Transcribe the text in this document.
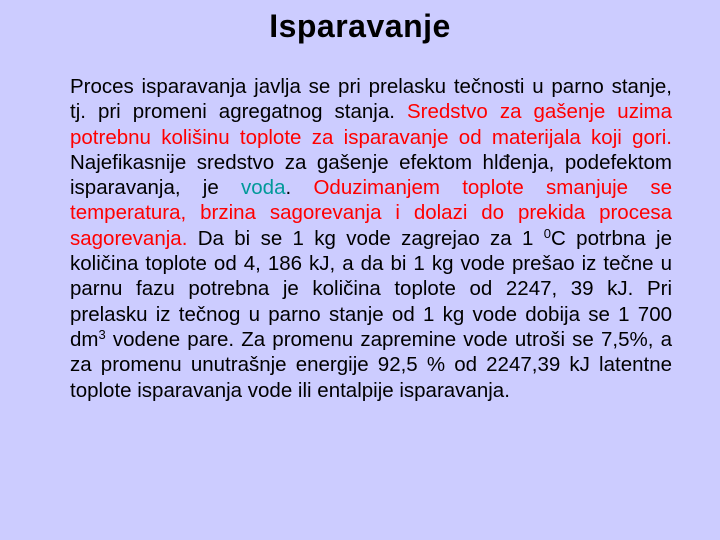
Isparavanje

Proces isparavanja javlja se pri prelasku tečnosti u parno stanje, tj. pri promeni agregatnog stanja. Sredstvo za gašenje uzima potrebnu kolišinu toplote za isparavanje od materijala koji gori. Najefikasnije sredstvo za gašenje efektom hlđenja, podefektom isparavanja, je voda. Oduzimanjem toplote smanjuje se temperatura, brzina sagorevanja i dolazi do prekida procesa sagorevanja. Da bi se 1 kg vode zagrejao za 1 $^0$C potrbna je količina toplote od 4, 186 kJ, a da bi 1 kg vode prešao iz tečne u parnu fazu potrebna je količina toplote od 2247, 39 kJ. Pri prelasku iz tečnog u parno stanje od 1 kg vode dobija se 1 700 $dm^3$ vodene pare. Za promenu zapremine vode utroši se 7,5%, a za promenu unutrašnje energije 92,5 % od 2247,39 kJ latentne toplote isparavanja vode ili entalpije isparavanja.
